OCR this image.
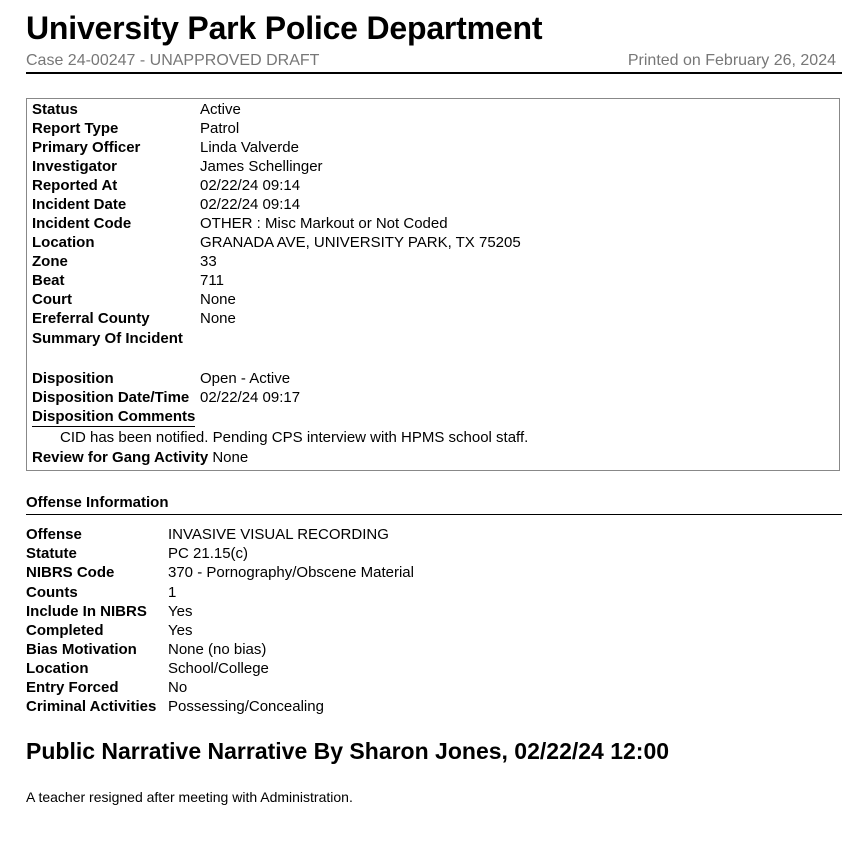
University Park Police Department
Case 24-00247 - UNAPPROVED DRAFT	Printed on February 26, 2024
Status	Active
Report Type	Patrol
Primary Officer	Linda Valverde
Investigator	James Schellinger
Reported At	02/22/24 09:14
Incident Date	02/22/24 09:14
Incident Code	OTHER : Misc Markout or Not Coded
Location	GRANADA AVE, UNIVERSITY PARK, TX 75205
Zone	33
Beat	711
Court	None
Ereferral County	None
Summary Of Incident
Disposition	Open - Active
Disposition Date/Time 02/22/24 09:17
Disposition Comments
CID has been notified. Pending CPS interview with HPMS school staff.
Review for Gang Activity None
Offense Information
Offense	INVASIVE VISUAL RECORDING
Statute	PC 21.15(c)
NIBRS Code	370 - Pornography/Obscene Material
Counts	1
Include In NIBRS Yes
Completed	Yes
Bias Motivation None (no bias)
Location	School/College
Entry Forced	No
Criminal Activities Possessing/Concealing
Public Narrative Narrative By Sharon Jones, 02/22/24 12:00
A teacher resigned after meeting with Administration.
